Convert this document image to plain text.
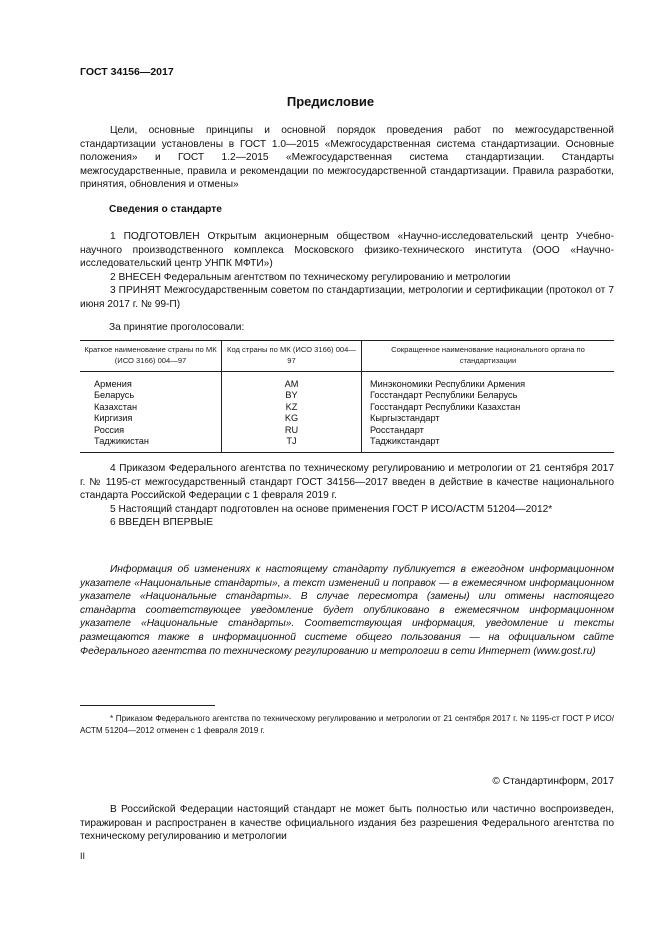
ГОСТ 34156—2017
Предисловие

Цели, основные принципы и основной порядок проведения работ по межгосударственной стандартизации установлены в ГОСТ 1.0—2015 «Межгосударственная система стандартизации. Основные положения» и ГОСТ 1.2—2015 «Межгосударственная система стандартизации. Стандарты межгосударственные, правила и рекомендации по межгосударственной стандартизации. Правила разработки, принятия, обновления и отмены»

Сведения о стандарте

1 ПОДГОТОВЛЕН Открытым акционерным обществом «Научно-исследовательский центр Учебно-научного производственного комплекса Московского физико-технического института (ООО «Научно-исследовательский центр УНПК МФТИ»)

2 ВНЕСЕН Федеральным агентством по техническому регулированию и метрологии

3 ПРИНЯТ Межгосударственным советом по стандартизации, метрологии и сертификации (протокол от 7 июня 2017 г. № 99-П)

За принятие проголосовали:
Краткое наименование страны по МК (ИСО 3166) 004—97	Код страны по МК (ИСО 3166) 004—97	Сокращенное наименование национального органа по стандартизации
Армения	AM	Минэкономики Республики Армения
Беларусь	BY	Госстандарт Республики Беларусь
Казахстан	KZ	Госстандарт Республики Казахстан
Киргизия	KG	Кыргызстандарт
Россия	RU	Росстандарт
Таджикистан	TJ	Таджикстандарт

4 Приказом Федерального агентства по техническому регулированию и метрологии от 21 сентября 2017 г. № 1195-ст межгосударственный стандарт ГОСТ 34156—2017 введен в действие в качестве национального стандарта Российской Федерации с 1 февраля 2019 г.

5 Настоящий стандарт подготовлен на основе применения ГОСТ Р ИСО/АСТМ 51204—2012*

6 ВВЕДЕН ВПЕРВЫЕ

Информация об изменениях к настоящему стандарту публикуется в ежегодном информационном указателе «Национальные стандарты», а текст изменений и поправок — в ежемесячном информационном указателе «Национальные стандарты». В случае пересмотра (замены) или отмены настоящего стандарта соответствующее уведомление будет опубликовано в ежемесячном информационном указателе «Национальные стандарты». Соответствующая информация, уведомление и тексты размещаются также в информационной системе общего пользования — на официальном сайте Федерального агентства по техническому регулированию и метрологии в сети Интернет (www.gost.ru)

* Приказом Федерального агентства по техническому регулированию и метрологии от 21 сентября 2017 г. № 1195-ст ГОСТ Р ИСО/АСТМ 51204—2012 отменен с 1 февраля 2019 г.

© Стандартинформ, 2017

В Российской Федерации настоящий стандарт не может быть полностью или частично воспроизведен, тиражирован и распространен в качестве официального издания без разрешения Федерального агентства по техническому регулированию и метрологии

II
